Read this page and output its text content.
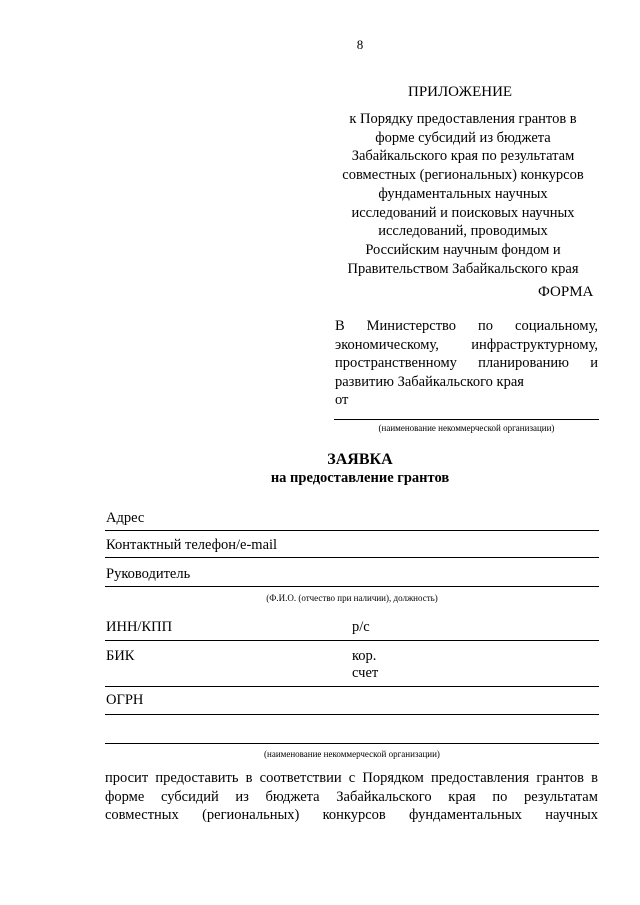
8
ПРИЛОЖЕНИЕ
к Порядку предоставления грантов в
форме субсидий из бюджета
Забайкальского края по результатам
совместных (региональных) конкурсов
фундаментальных научных
исследований и поисковых научных
исследований, проводимых
Российским научным фондом и
Правительством Забайкальского края
ФОРМА
В Министерство по социальному,
экономическому, инфраструктурному,
пространственному планированию и
развитию Забайкальского края
от
(наименование некоммерческой организации)
ЗАЯВКА
на предоставление грантов
Адрес
Контактный телефон/e-mail
Руководитель
(Ф.И.О. (отчество при наличии), должность)
ИНН/КПП	р/с
БИК	кор.
счет
ОГРН
(наименование некоммерческой организации)
просит предоставить в соответствии с Порядком предоставления грантов в
форме субсидий из бюджета Забайкальского края по результатам
совместных (региональных) конкурсов фундаментальных научных
